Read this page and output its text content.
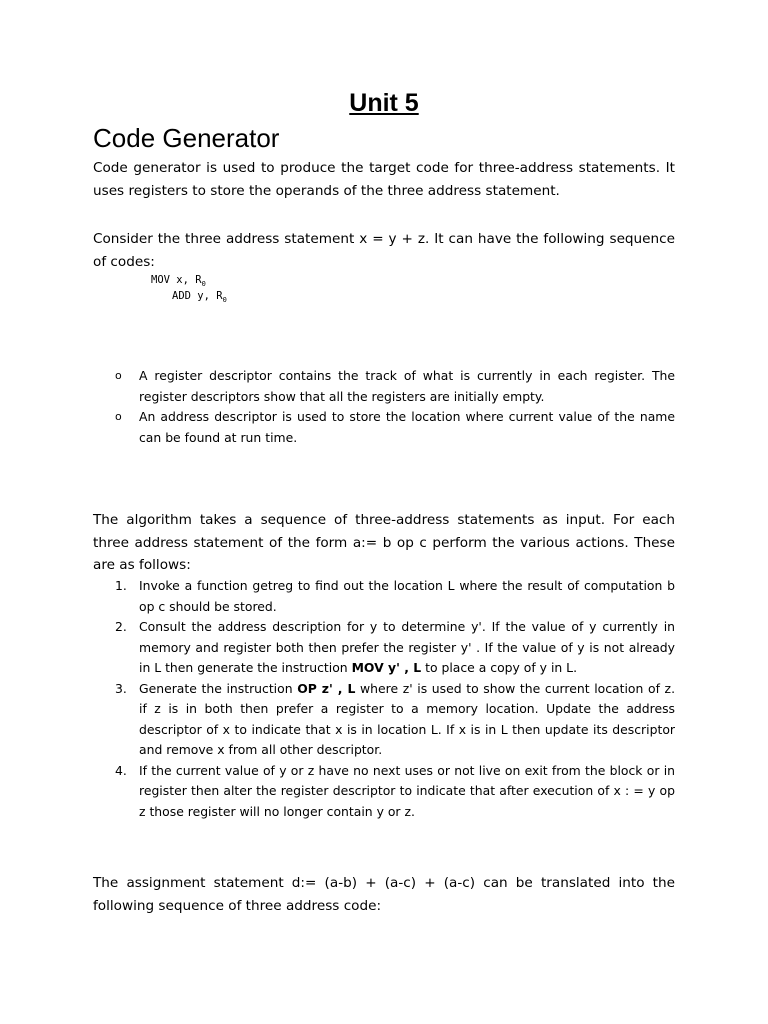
Unit 5
Code Generator
Code generator is used to produce the target code for three-address statements. It uses registers to store the operands of the three address statement.
Consider the three address statement x = y + z. It can have the following sequence of codes:
MOV x, $R_0$
ADD y, $R_0$
o A register descriptor contains the track of what is currently in each register. The register descriptors show that all the registers are initially empty.
o An address descriptor is used to store the location where current value of the name can be found at run time.
The algorithm takes a sequence of three-address statements as input. For each three address statement of the form a:= b op c perform the various actions. These are as follows:
1. Invoke a function getreg to find out the location L where the result of computation b op c should be stored.
2. Consult the address description for y to determine y'. If the value of y currently in memory and register both then prefer the register y' . If the value of y is not already in L then generate the instruction MOV y' , L to place a copy of y in L.
3. Generate the instruction OP z' , L where z' is used to show the current location of z. if z is in both then prefer a register to a memory location. Update the address descriptor of x to indicate that x is in location L. If x is in L then update its descriptor and remove x from all other descriptor.
4. If the current value of y or z have no next uses or not live on exit from the block or in register then alter the register descriptor to indicate that after execution of x : = y op z those register will no longer contain y or z.
The assignment statement d:= (a-b) + (a-c) + (a-c) can be translated into the following sequence of three address code:
